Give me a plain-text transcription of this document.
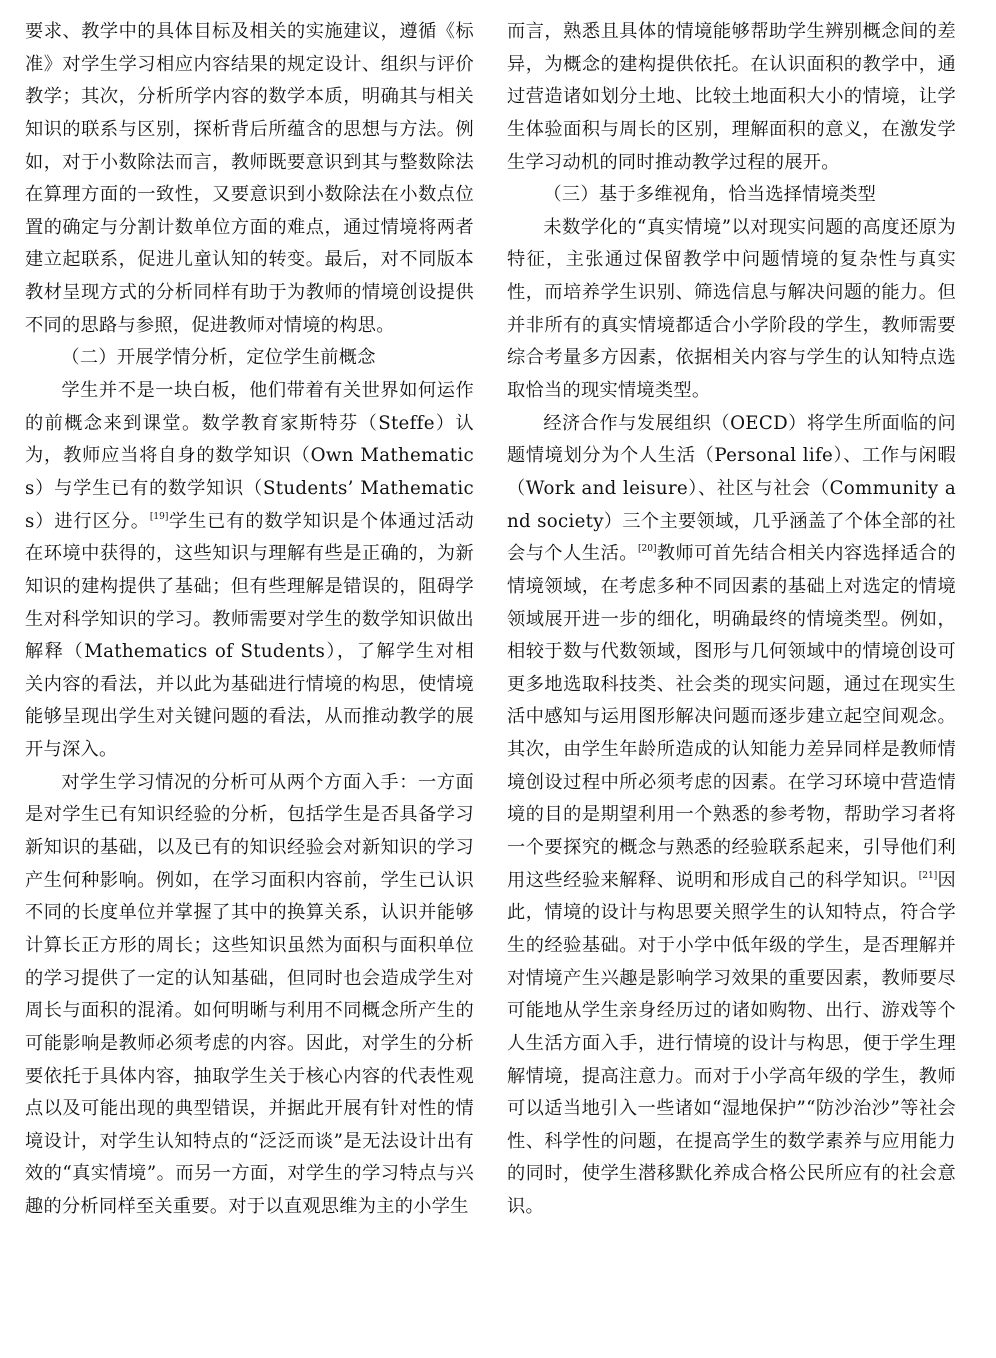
要求、教学中的具体目标及相关的实施建议，遵循《标准》对学生学习相应内容结果的规定设计、组织与评价教学；其次，分析所学内容的数学本质，明确其与相关知识的联系与区别，探析背后所蕴含的思想与方法。例如，对于小数除法而言，教师既要意识到其与整数除法在算理方面的一致性，又要意识到小数除法在小数点位置的确定与分割计数单位方面的难点，通过情境将两者建立起联系，促进儿童认知的转变。最后，对不同版本教材呈现方式的分析同样有助于为教师的情境创设提供不同的思路与参照，促进教师对情境的构思。

（二）开展学情分析，定位学生前概念

学生并不是一块白板，他们带着有关世界如何运作的前概念来到课堂。数学教育家斯特芬（Steffe）认为，教师应当将自身的数学知识（Own Mathematics）与学生已有的数学知识（Students’ Mathematics）进行区分。[19]学生已有的数学知识是个体通过活动在环境中获得的，这些知识与理解有些是正确的，为新知识的建构提供了基础；但有些理解是错误的，阻碍学生对科学知识的学习。教师需要对学生的数学知识做出解释（Mathematics of Students），了解学生对相关内容的看法，并以此为基础进行情境的构思，使情境能够呈现出学生对关键问题的看法，从而推动教学的展开与深入。

对学生学习情况的分析可从两个方面入手：一方面是对学生已有知识经验的分析，包括学生是否具备学习新知识的基础，以及已有的知识经验会对新知识的学习产生何种影响。例如，在学习面积内容前，学生已认识不同的长度单位并掌握了其中的换算关系，认识并能够计算长正方形的周长；这些知识虽然为面积与面积单位的学习提供了一定的认知基础，但同时也会造成学生对周长与面积的混淆。如何明晰与利用不同概念所产生的可能影响是教师必须考虑的内容。因此，对学生的分析要依托于具体内容，抽取学生关于核心内容的代表性观点以及可能出现的典型错误，并据此开展有针对性的情境设计，对学生认知特点的“泛泛而谈”是无法设计出有效的“真实情境”。而另一方面，对学生的学习特点与兴趣的分析同样至关重要。对于以直观思维为主的小学生

而言，熟悉且具体的情境能够帮助学生辨别概念间的差异，为概念的建构提供依托。在认识面积的教学中，通过营造诸如划分土地、比较土地面积大小的情境，让学生体验面积与周长的区别，理解面积的意义，在激发学生学习动机的同时推动教学过程的展开。

（三）基于多维视角，恰当选择情境类型

未数学化的“真实情境”以对现实问题的高度还原为特征，主张通过保留教学中问题情境的复杂性与真实性，而培养学生识别、筛选信息与解决问题的能力。但并非所有的真实情境都适合小学阶段的学生，教师需要综合考量多方因素，依据相关内容与学生的认知特点选取恰当的现实情境类型。

经济合作与发展组织（OECD）将学生所面临的问题情境划分为个人生活（Personal life）、工作与闲暇（Work and leisure）、社区与社会（Community and society）三个主要领域，几乎涵盖了个体全部的社会与个人生活。[20]教师可首先结合相关内容选择适合的情境领域，在考虑多种不同因素的基础上对选定的情境领域展开进一步的细化，明确最终的情境类型。例如，相较于数与代数领域，图形与几何领域中的情境创设可更多地选取科技类、社会类的现实问题，通过在现实生活中感知与运用图形解决问题而逐步建立起空间观念。其次，由学生年龄所造成的认知能力差异同样是教师情境创设过程中所必须考虑的因素。在学习环境中营造情境的目的是期望利用一个熟悉的参考物，帮助学习者将一个要探究的概念与熟悉的经验联系起来，引导他们利用这些经验来解释、说明和形成自己的科学知识。[21]因此，情境的设计与构思要关照学生的认知特点，符合学生的经验基础。对于小学中低年级的学生，是否理解并对情境产生兴趣是影响学习效果的重要因素，教师要尽可能地从学生亲身经历过的诸如购物、出行、游戏等个人生活方面入手，进行情境的设计与构思，便于学生理解情境，提高注意力。而对于小学高年级的学生，教师可以适当地引入一些诸如“湿地保护”“防沙治沙”等社会性、科学性的问题，在提高学生的数学素养与应用能力的同时，使学生潜移默化养成合格公民所应有的社会意识。
